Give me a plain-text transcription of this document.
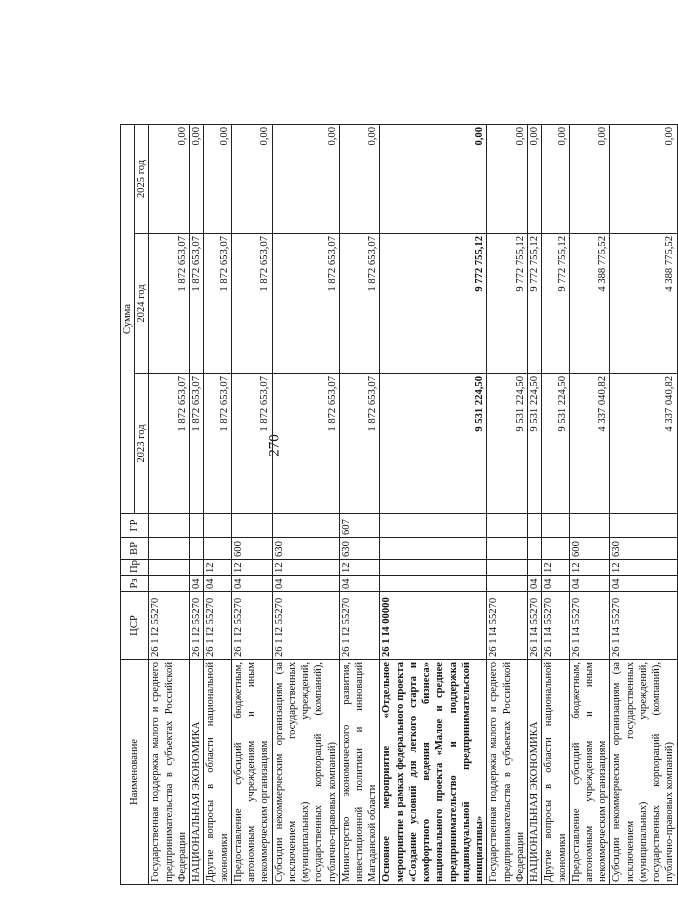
270
Наименование	ЦСР	Рз	Пр	ВР	ГР	Сумма		
						2023 год	2024 год	2025 год
Государственная поддержка малого и среднего предпринимательства в субъектах Российской Федерации	26 1 I2 55270					1 872 653,07	1 872 653,07	0,00
НАЦИОНАЛЬНАЯ ЭКОНОМИКА	26 1 I2 55270	04				1 872 653,07	1 872 653,07	0,00
Другие вопросы в области национальной экономики	26 1 I2 55270	04	12			1 872 653,07	1 872 653,07	0,00
Предоставление субсидий бюджетным, автономным учреждениям и иным некоммерческим организациям	26 1 I2 55270	04	12	600		1 872 653,07	1 872 653,07	0,00
Субсидии некоммерческим организациям (за исключением государственных (муниципальных) учреждений, государственных корпораций (компаний), публично-правовых компаний)	26 1 I2 55270	04	12	630		1 872 653,07	1 872 653,07	0,00
Министерство экономического развития, инвестиционной политики и инноваций Магаданской области	26 1 I2 55270	04	12	630	607	1 872 653,07	1 872 653,07	0,00
Основное мероприятие «Отдельное мероприятие в рамках федерального проекта «Создание условий для легкого старта и комфортного ведения бизнеса» национального проекта «Малое и среднее предпринимательство и поддержка индивидуальной предпринимательской инициативы»	26 1 I4 00000					9 531 224,50	9 772 755,12	0,00
Государственная поддержка малого и среднего предпринимательства в субъектах Российской Федерации	26 1 I4 55270					9 531 224,50	9 772 755,12	0,00
НАЦИОНАЛЬНАЯ ЭКОНОМИКА	26 1 I4 55270	04				9 531 224,50	9 772 755,12	0,00
Другие вопросы в области национальной экономики	26 1 I4 55270	04	12			9 531 224,50	9 772 755,12	0,00
Предоставление субсидий бюджетным, автономным учреждениям и иным некоммерческим организациям	26 1 I4 55270	04	12	600		4 337 040,82	4 388 775,52	0,00
Субсидии некоммерческим организациям (за исключением государственных (муниципальных) учреждений, государственных корпораций (компаний), публично-правовых компаний)	26 1 I4 55270	04	12	630		4 337 040,82	4 388 775,52	0,00
